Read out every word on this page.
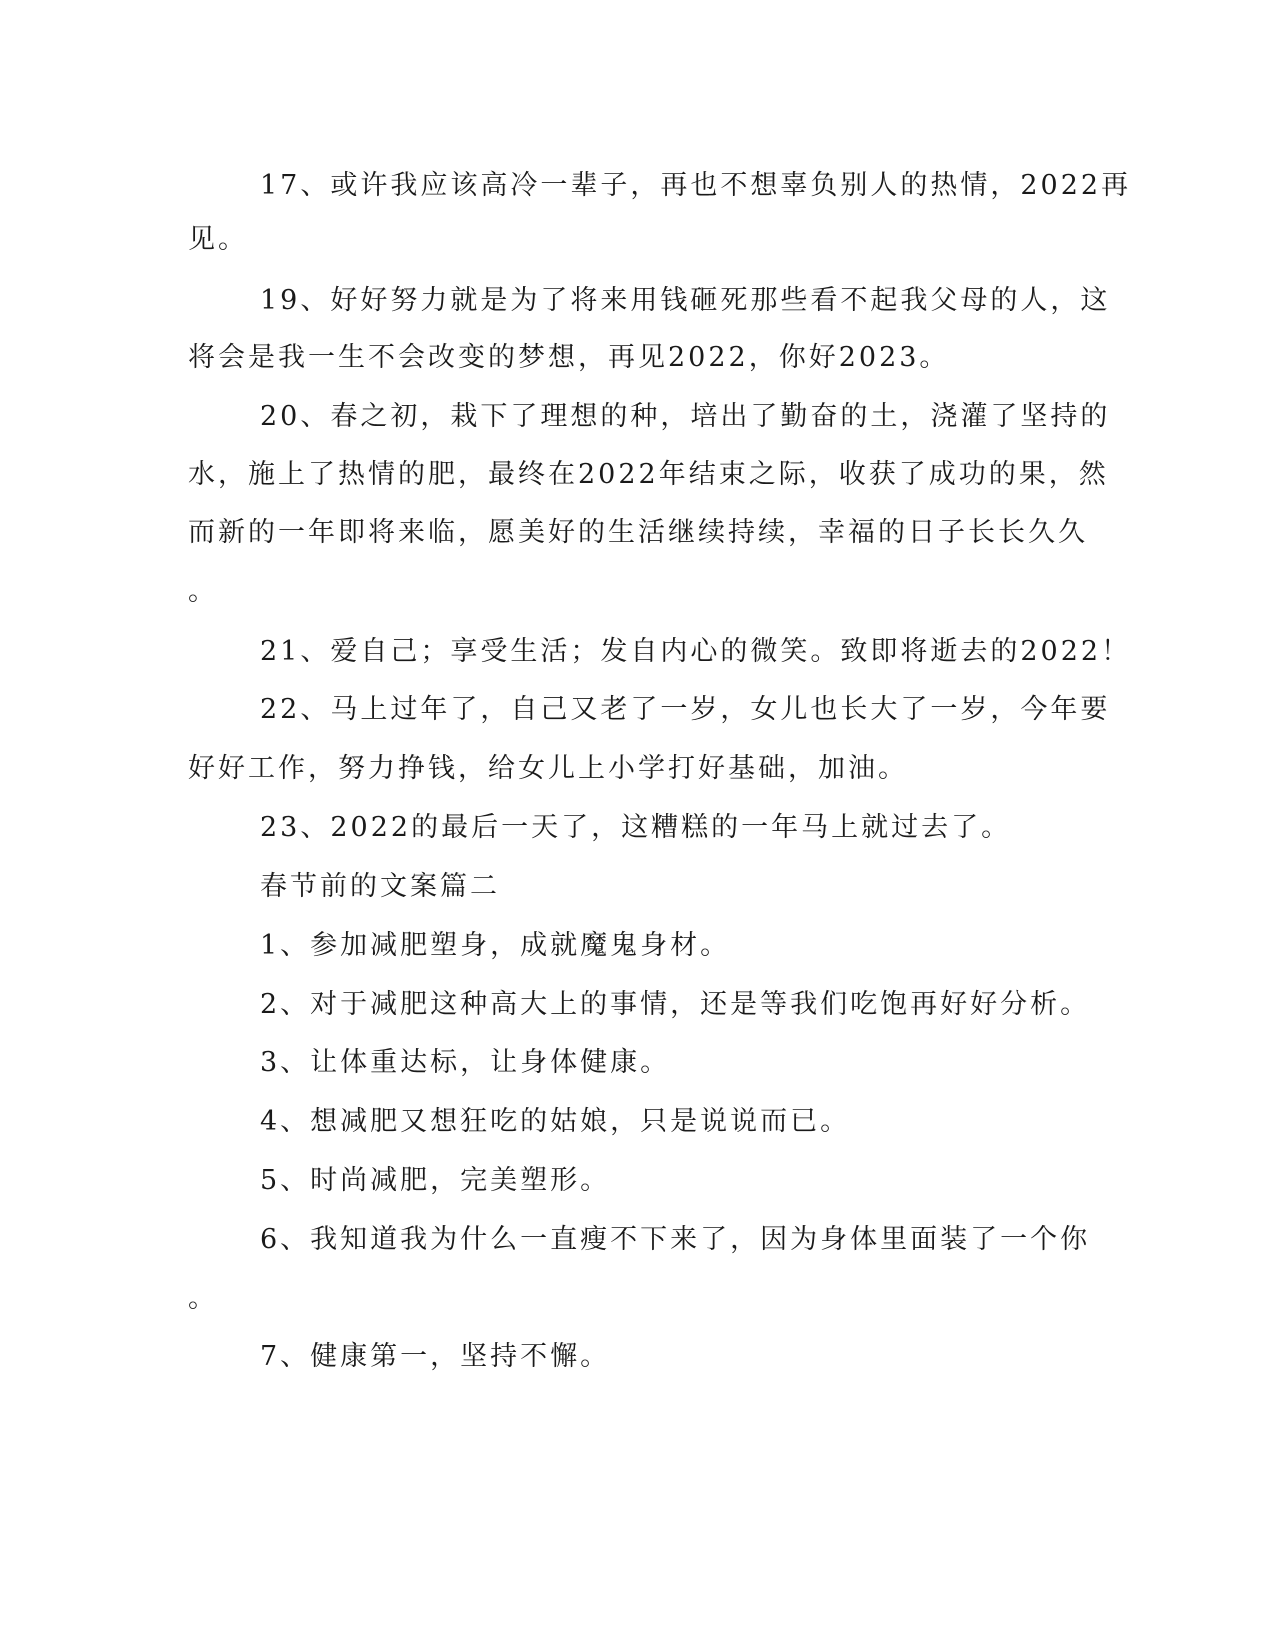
17、或许我应该高冷一辈子，再也不想辜负别人的热情，2022再
见。
19、好好努力就是为了将来用钱砸死那些看不起我父母的人，这
将会是我一生不会改变的梦想，再见2022，你好2023。
20、春之初，栽下了理想的种，培出了勤奋的土，浇灌了坚持的
水，施上了热情的肥，最终在2022年结束之际，收获了成功的果，然
而新的一年即将来临，愿美好的生活继续持续，幸福的日子长长久久
。
21、爱自己；享受生活；发自内心的微笑。致即将逝去的2022！
22、马上过年了，自己又老了一岁，女儿也长大了一岁，今年要
好好工作，努力挣钱，给女儿上小学打好基础，加油。
23、2022的最后一天了，这糟糕的一年马上就过去了。
春节前的文案篇二
1、参加减肥塑身，成就魔鬼身材。
2、对于减肥这种高大上的事情，还是等我们吃饱再好好分析。
3、让体重达标，让身体健康。
4、想减肥又想狂吃的姑娘，只是说说而已。
5、时尚减肥，完美塑形。
6、我知道我为什么一直瘦不下来了，因为身体里面装了一个你
。
7、健康第一，坚持不懈。
